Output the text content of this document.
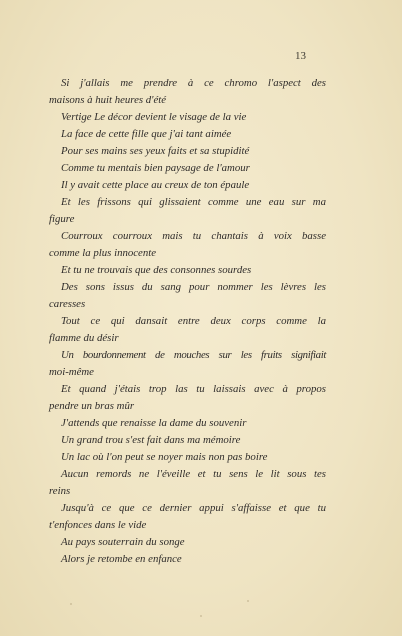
13
Si j'allais me prendre à ce chromo l'aspect des
maisons à huit heures d'été
Vertige Le décor devient le visage de la vie
La face de cette fille que j'ai tant aimée
Pour ses mains ses yeux faits et sa stupidité
Comme tu mentais bien paysage de l'amour
Il y avait cette place au creux de ton épaule
Et les frissons qui glissaient comme une eau sur ma
figure
Courroux courroux mais tu chantais à voix basse
comme la plus innocente
Et tu ne trouvais que des consonnes sourdes
Des sons issus du sang pour nommer les lèvres les
caresses
Tout ce qui dansait entre deux corps comme la
flamme du désir
Un bourdonnement de mouches sur les fruits signifiait
moi-même
Et quand j'étais trop las tu laissais avec à propos
pendre un bras mûr
J'attends que renaisse la dame du souvenir
Un grand trou s'est fait dans ma mémoire
Un lac où l'on peut se noyer mais non pas boire
Aucun remords ne l'éveille et tu sens le lit sous tes
reins
Jusqu'à ce que ce dernier appui s'affaisse et que tu
t'enfonces dans le vide
Au pays souterrain du songe
Alors je retombe en enfance
